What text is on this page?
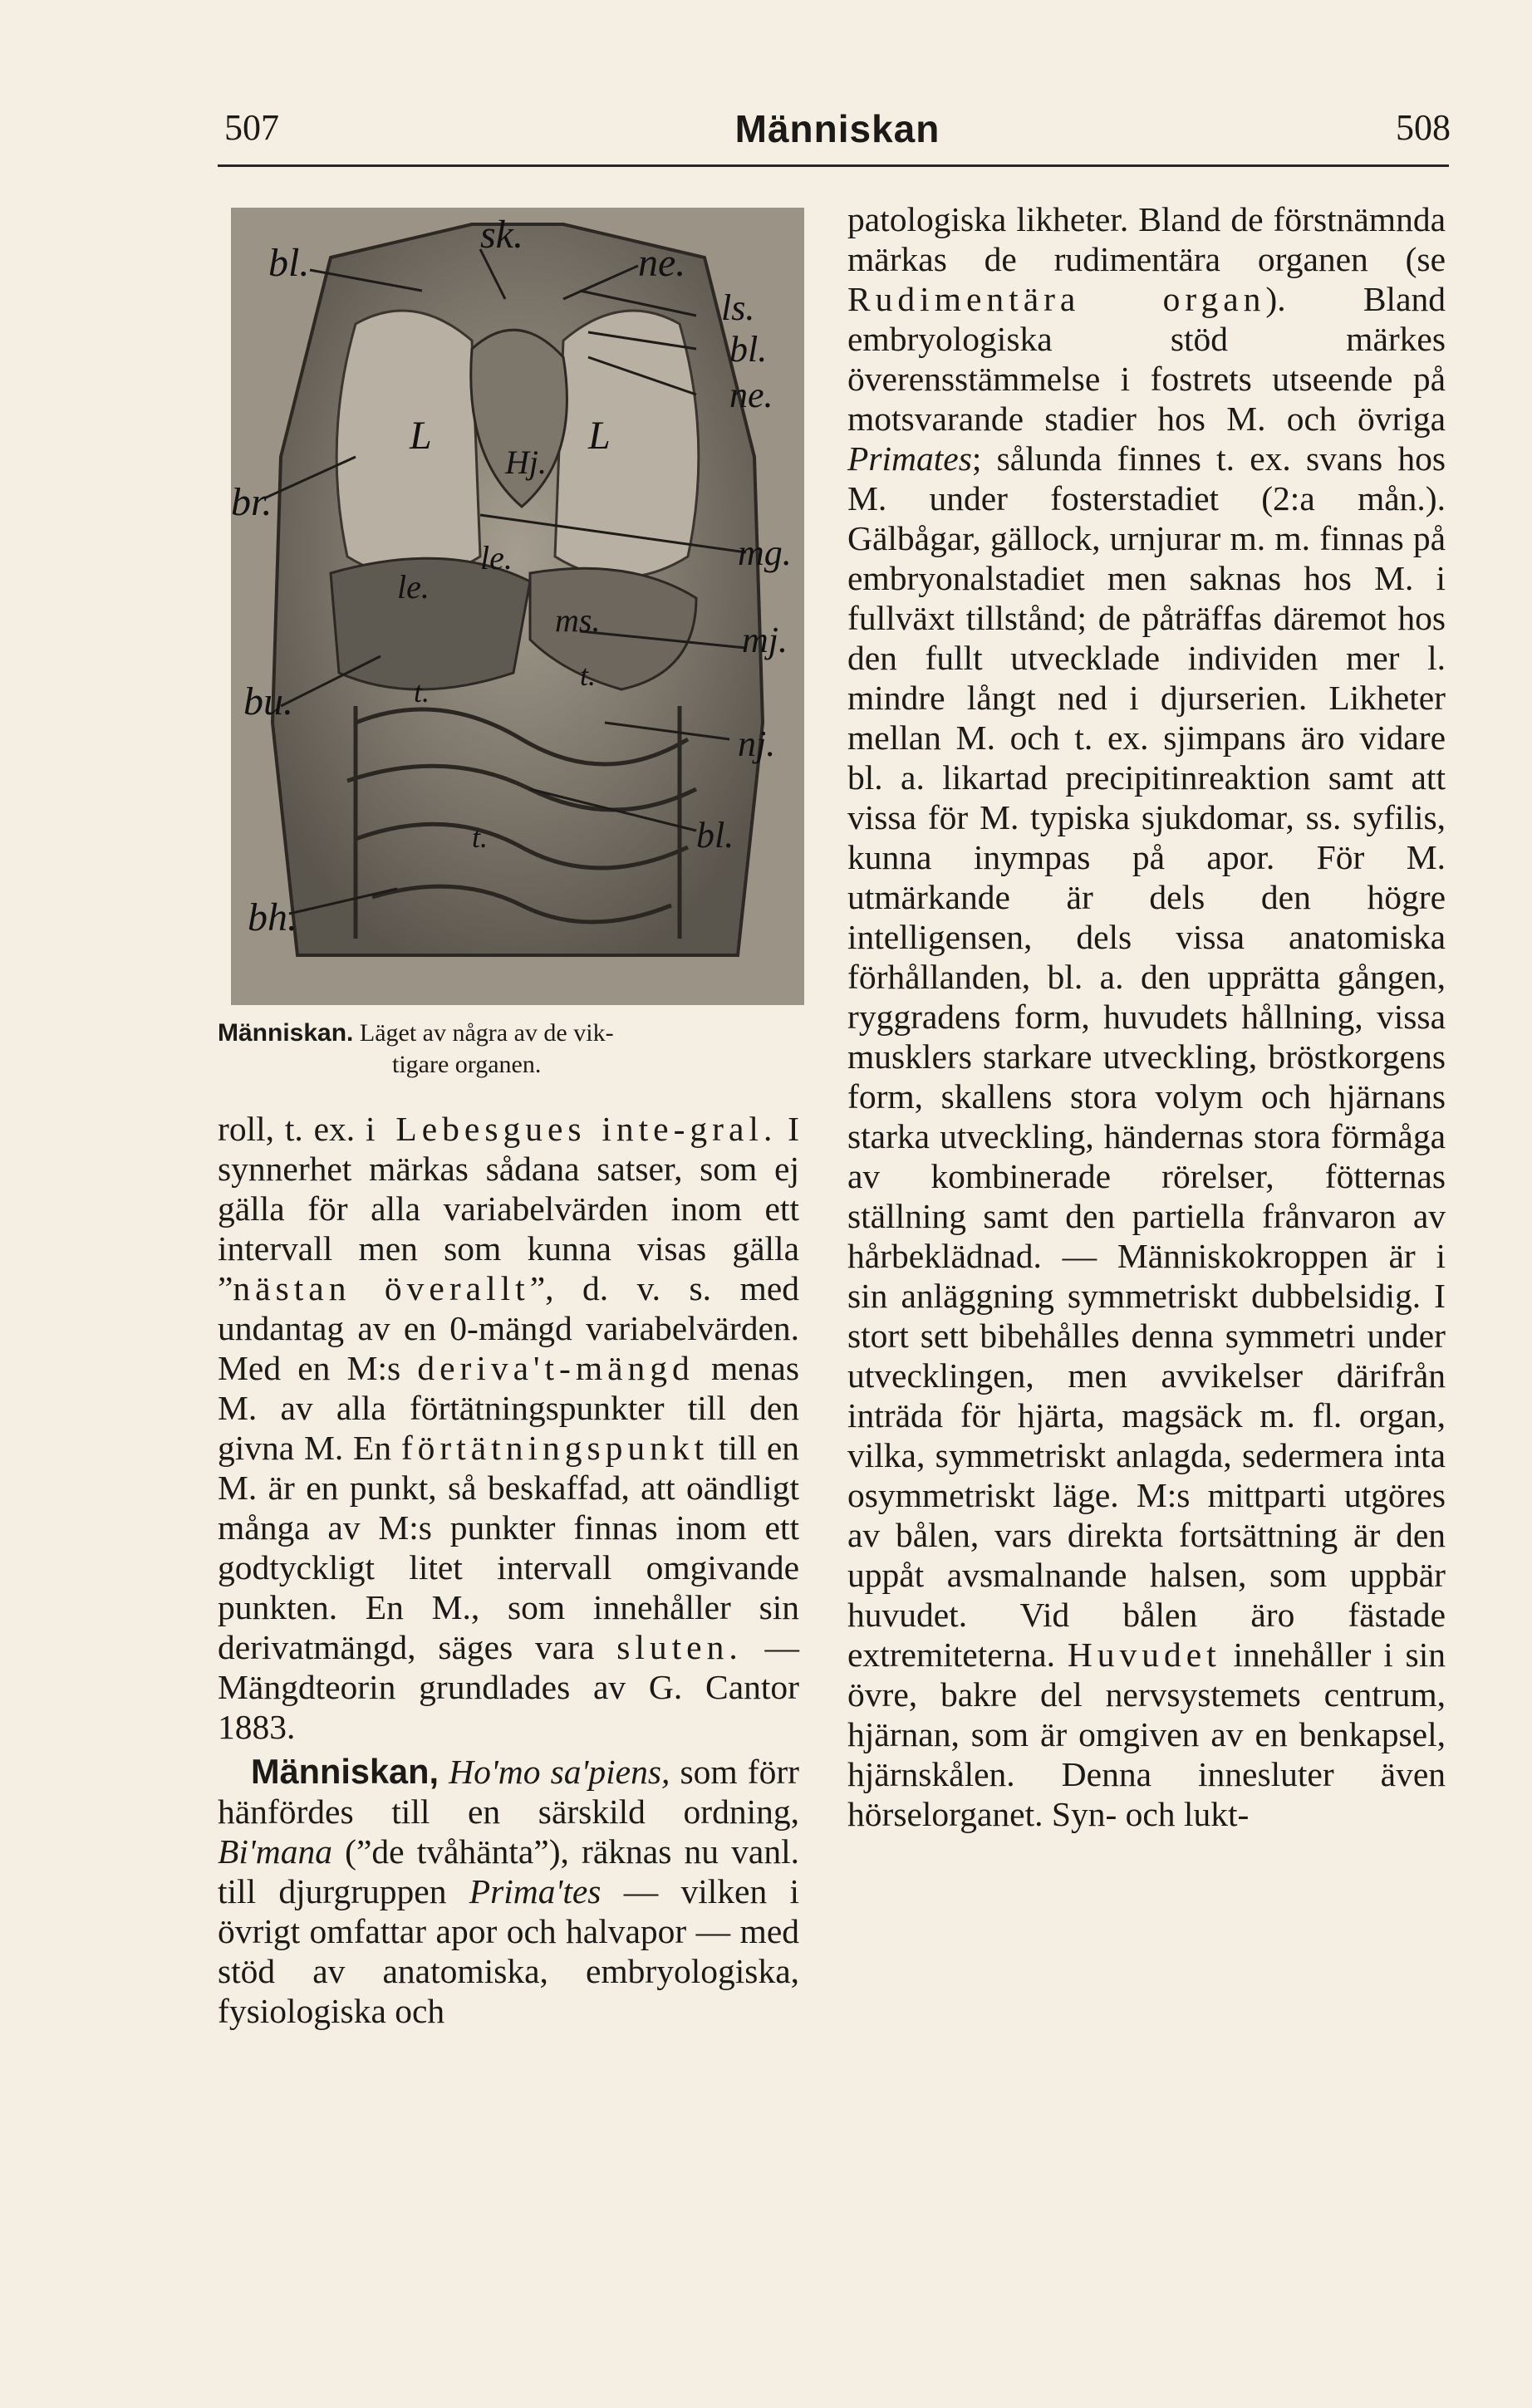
507	Människan	508
sk.
bl.	ne.
ls.
bl.
ne.
L	L
Hj.
br.
mg.
le.
le.
ms.	mj.
bu.	t.	t.
nj.
bl.
t.
bh.
Människan. Läget av några av de vik-
tigare organen.

roll, t. ex. i Lebesgues inte-gral. I synnerhet märkas sådana satser, som ej gälla för alla variabelvärden inom ett intervall men som kunna visas gälla ”nästan överallt”, d. v. s. med undantag av en 0-mängd variabelvärden. Med en M:s deriva't-mängd menas M. av alla förtätningspunkter till den givna M. En förtätningspunkt till en M. är en punkt, så beskaffad, att oändligt många av M:s punkter finnas inom ett godtyckligt litet intervall omgivande punkten. En M., som innehåller sin derivatmängd, säges vara sluten. — Mängdteorin grundlades av G. Cantor 1883.

Människan, Ho'mo sa'piens, som förr hänfördes till en särskild ordning, Bi'mana (”de tvåhänta”), räknas nu vanl. till djurgruppen Prima'tes — vilken i övrigt omfattar apor och halvapor — med stöd av anatomiska, embryologiska, fysiologiska och

patologiska likheter. Bland de förstnämnda märkas de rudimentära organen (se Rudimentära organ). Bland embryologiska stöd märkes överensstämmelse i fostrets utseende på motsvarande stadier hos M. och övriga Primates; sålunda finnes t. ex. svans hos M. under fosterstadiet (2:a mån.). Gälbågar, gällock, urnjurar m. m. finnas på embryonalstadiet men saknas hos M. i fullväxt tillstånd; de påträffas däremot hos den fullt utvecklade individen mer l. mindre långt ned i djurserien. Likheter mellan M. och t. ex. sjimpans äro vidare bl. a. likartad precipitinreaktion samt att vissa för M. typiska sjukdomar, ss. syfilis, kunna inympas på apor. För M. utmärkande är dels den högre intelligensen, dels vissa anatomiska förhållanden, bl. a. den upprätta gången, ryggradens form, huvudets hållning, vissa musklers starkare utveckling, bröstkorgens form, skallens stora volym och hjärnans starka utveckling, händernas stora förmåga av kombinerade rörelser, fötternas ställning samt den partiella frånvaron av hårbeklädnad. — Människokroppen är i sin anläggning symmetriskt dubbelsidig. I stort sett bibehålles denna symmetri under utvecklingen, men avvikelser därifrån inträda för hjärta, magsäck m. fl. organ, vilka, symmetriskt anlagda, sedermera inta osymmetriskt läge. M:s mittparti utgöres av bålen, vars direkta fortsättning är den uppåt avsmalnande halsen, som uppbär huvudet. Vid bålen äro fästade extremiteterna. Huvudet innehåller i sin övre, bakre del nervsystemets centrum, hjärnan, som är omgiven av en benkapsel, hjärnskålen. Denna innesluter även hörselorganet. Syn- och lukt-
